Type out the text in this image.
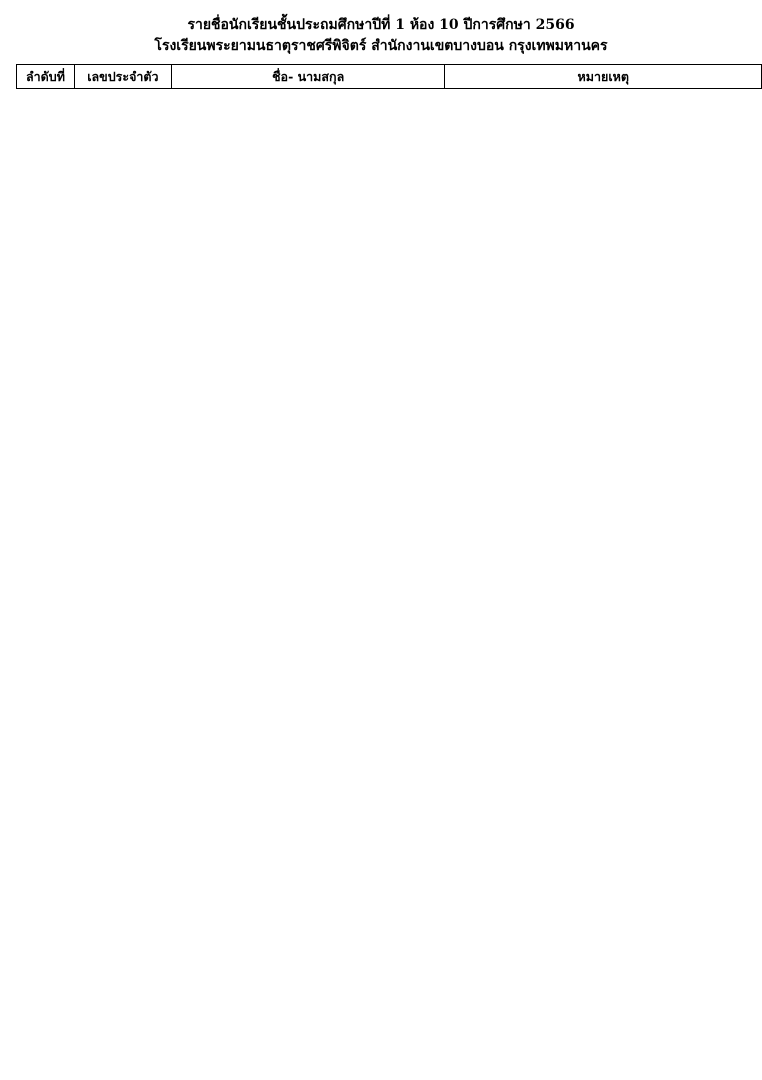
รายชื่อนักเรียนชั้นประถมศึกษาปีที่ 1 ห้อง 10 ปีการศึกษา 2566
โรงเรียนพระยามนธาตุราชศรีพิจิตร์ สำนักงานเขตบางบอน กรุงเทพมหานคร
ลำดับที่	เลขประจำตัว	ชื่อ- นามสกุล	หมายเหตุ
